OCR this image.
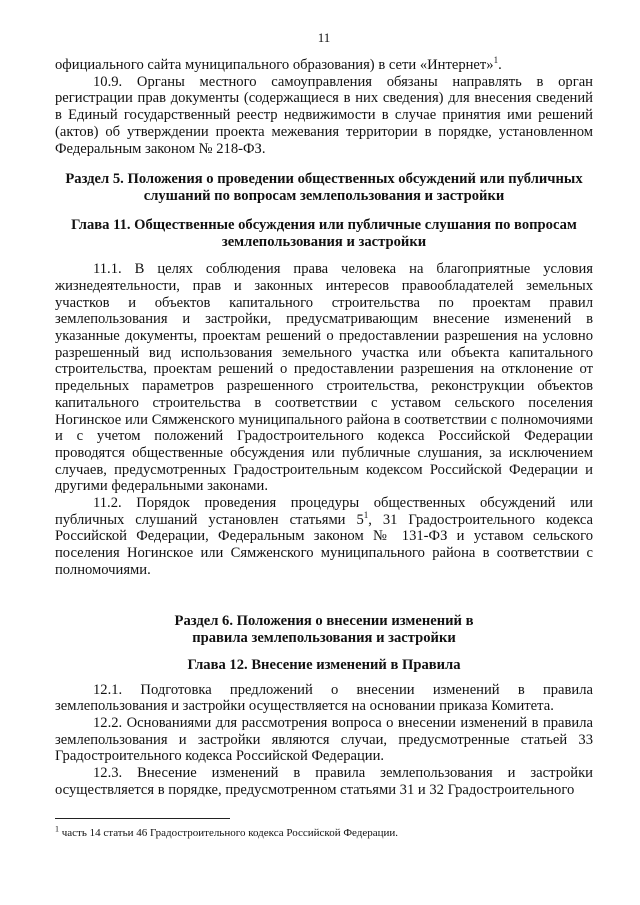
11

официального сайта муниципального образования) в сети «Интернет»$^1$.

10.9. Органы местного самоуправления обязаны направлять в орган регистрации прав документы (содержащиеся в них сведения) для внесения сведений в Единый государственный реестр недвижимости в случае принятия ими решений (актов) об утверждении проекта межевания территории в порядке, установленном Федеральным законом № 218-ФЗ.

Раздел 5. Положения о проведении общественных обсуждений или публичных слушаний по вопросам землепользования и застройки
Глава 11. Общественные обсуждения или публичные слушания по вопросам землепользования и застройки

11.1. В целях соблюдения права человека на благоприятные условия жизнедеятельности, прав и законных интересов правообладателей земельных участков и объектов капитального строительства по проектам правил землепользования и застройки, предусматривающим внесение изменений в указанные документы, проектам решений о предоставлении разрешения на условно разрешенный вид использования земельного участка или объекта капитального строительства, проектам решений о предоставлении разрешения на отклонение от предельных параметров разрешенного строительства, реконструкции объектов капитального строительства в соответствии с уставом сельского поселения Ногинское или Сямженского муниципального района в соответствии с полномочиями и с учетом положений Градостроительного кодекса Российской Федерации проводятся общественные обсуждения или публичные слушания, за исключением случаев, предусмотренных Градостроительным кодексом Российской Федерации и другими федеральными законами.

11.2. Порядок проведения процедуры общественных обсуждений или публичных слушаний установлен статьями $5^1$, 31 Градостроительного кодекса Российской Федерации, Федеральным законом № 131-ФЗ и уставом сельского поселения Ногинское или Сямженского муниципального района в соответствии с полномочиями.

Раздел 6. Положения о внесении изменений в
правила землепользования и застройки
Глава 12. Внесение изменений в Правила

12.1. Подготовка предложений о внесении изменений в правила землепользования и застройки осуществляется на основании приказа Комитета.

12.2. Основаниями для рассмотрения вопроса о внесении изменений в правила землепользования и застройки являются случаи, предусмотренные статьей 33 Градостроительного кодекса Российской Федерации.

12.3. Внесение изменений в правила землепользования и застройки осуществляется в порядке, предусмотренном статьями 31 и 32 Градостроительного

$^1$ часть 14 статьи 46 Градостроительного кодекса Российской Федерации.
